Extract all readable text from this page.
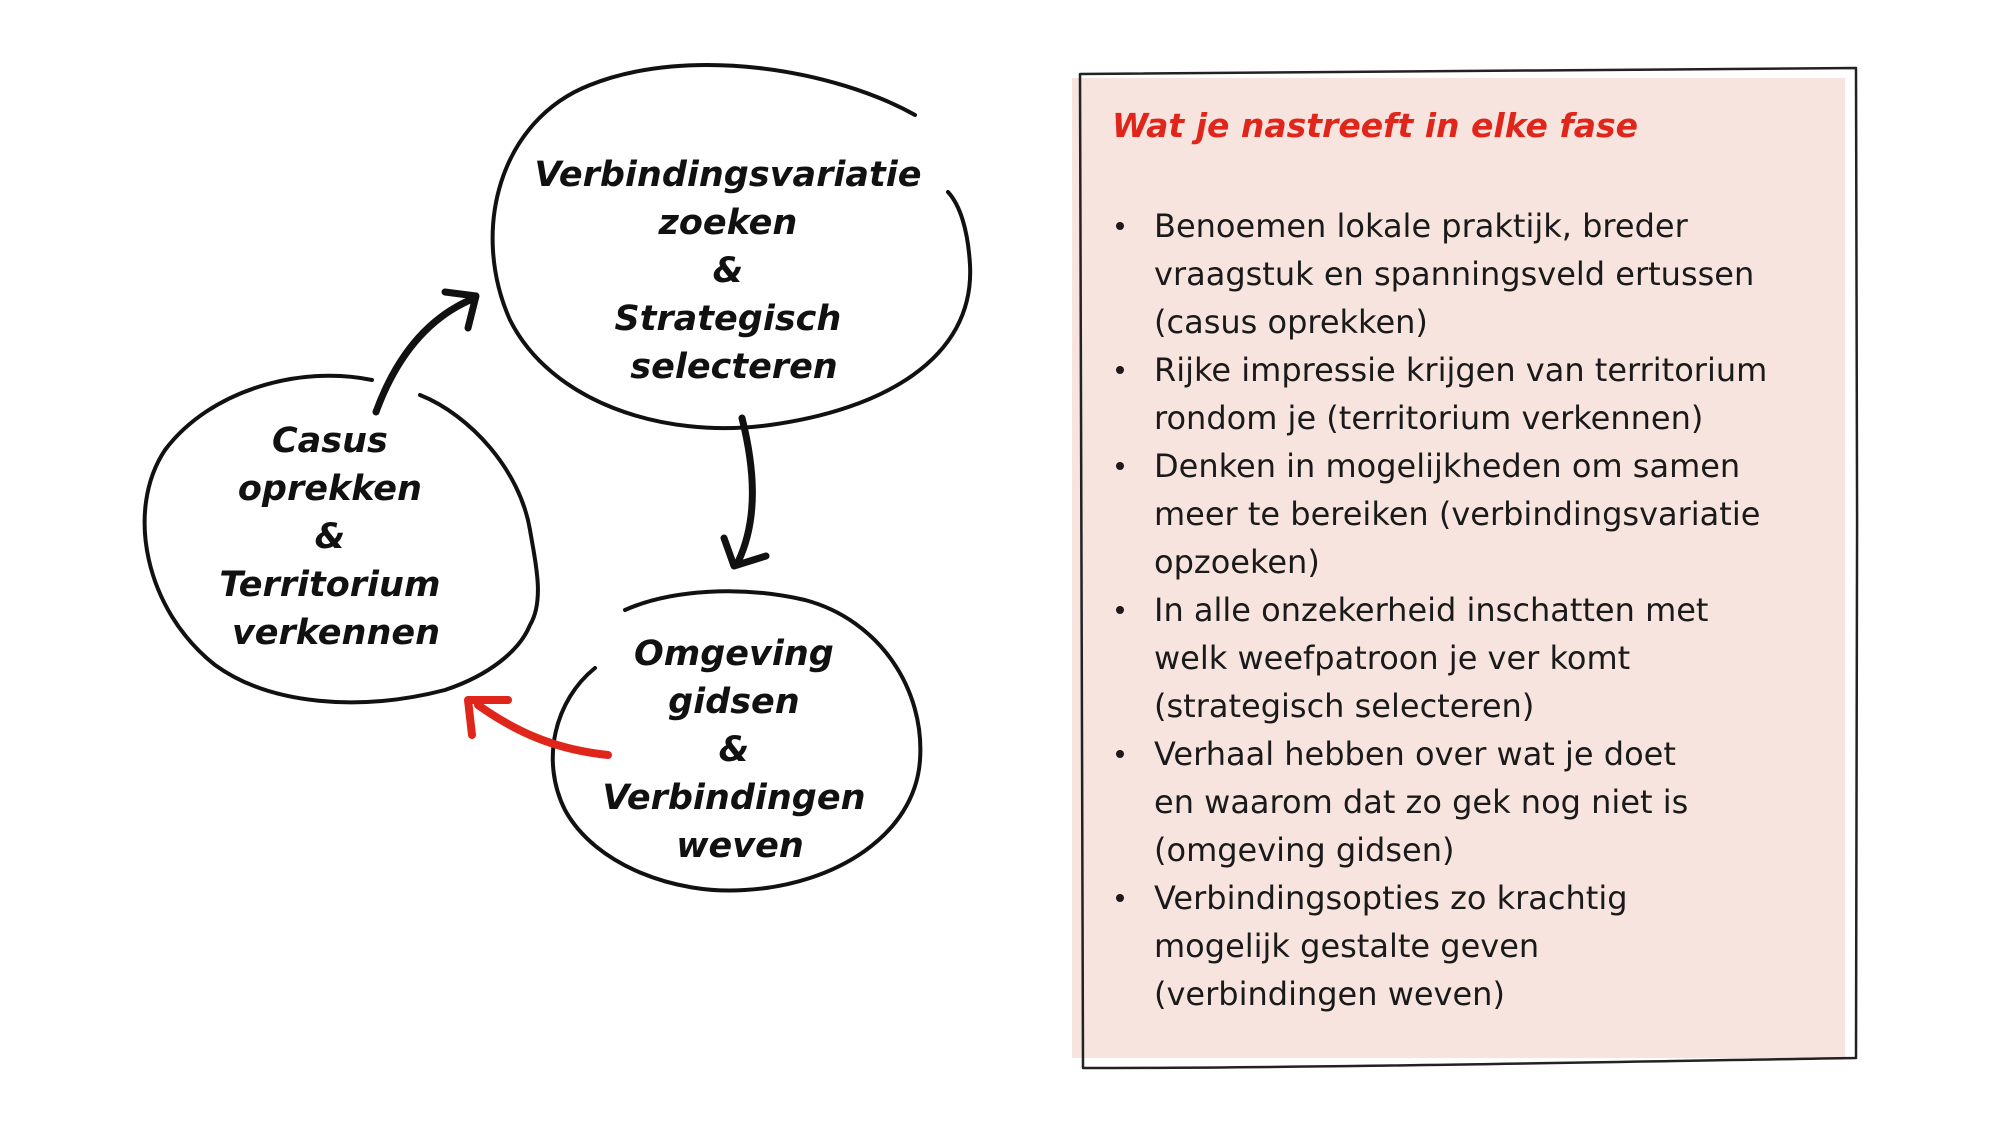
Verbindingsvariatie zoeken & Strategisch selecteren
Casus oprekken & Territorium verkennen
Omgeving gidsen & Verbindingen weven
Wat je nastreeft in elke fase
Benoemen lokale praktijk, breder
vraagstuk en spanningsveld ertussen
(casus oprekken)
Rijke impressie krijgen van territorium
rondom je (territorium verkennen)
Denken in mogelijkheden om samen
meer te bereiken (verbindingsvariatie
opzoeken)
In alle onzekerheid inschatten met
welk weefpatroon je ver komt
(strategisch selecteren)
Verhaal hebben over wat je doet
en waarom dat zo gek nog niet is
(omgeving gidsen)
Verbindingsopties zo krachtig
mogelijk gestalte geven
(verbindingen weven)
